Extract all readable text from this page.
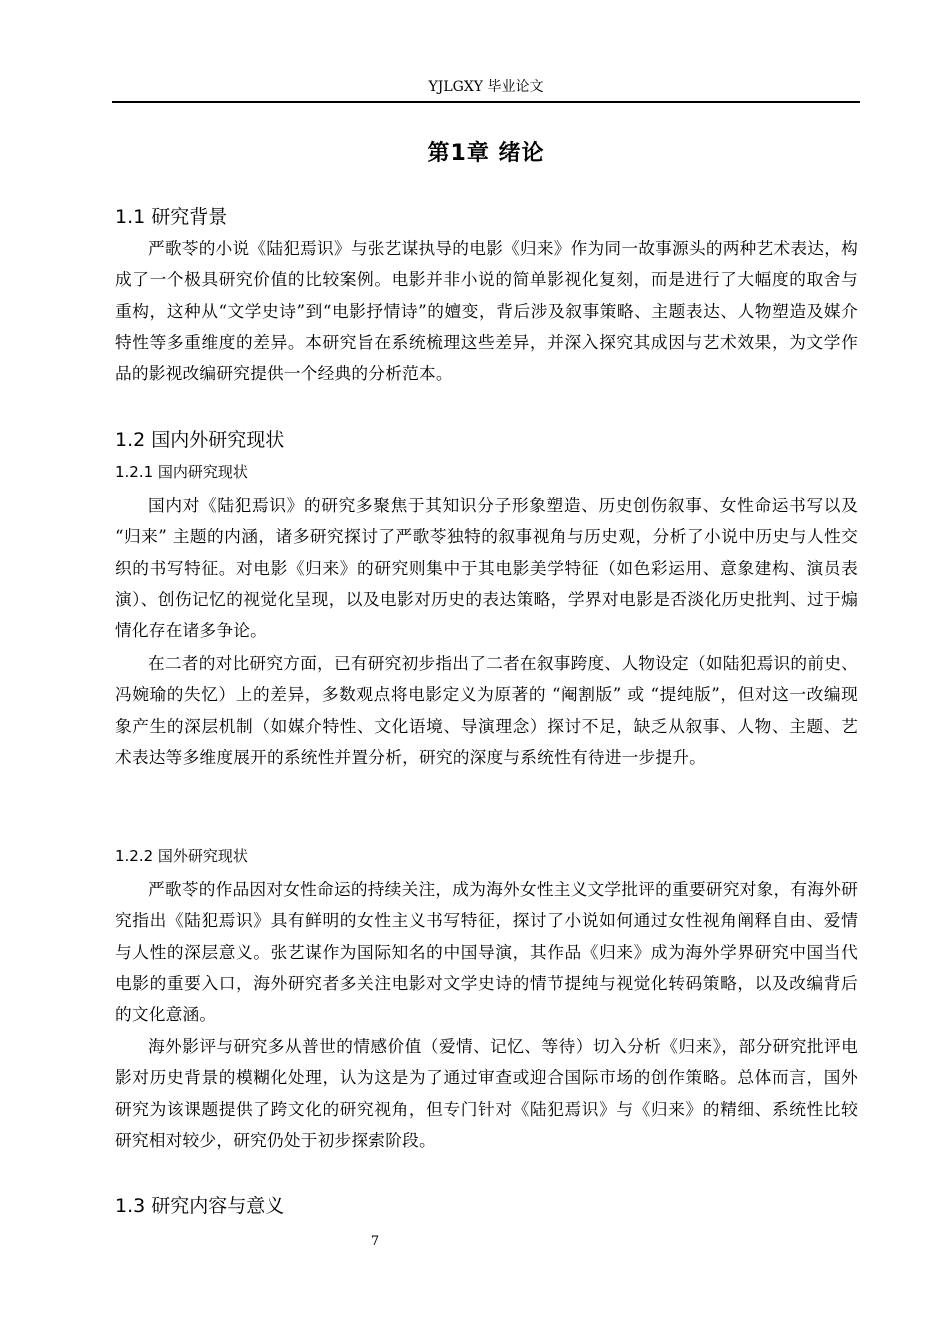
YJLGXY 毕业论文
第1章 绪论
1.1 研究背景

严歌苓的小说《陆犯焉识》与张艺谋执导的电影《归来》作为同一故事源头的两种艺术表达，构成了一个极具研究价值的比较案例。电影并非小说的简单影视化复刻，而是进行了大幅度的取舍与重构，这种从“文学史诗”到“电影抒情诗”的嬗变，背后涉及叙事策略、主题表达、人物塑造及媒介特性等多重维度的差异。本研究旨在系统梳理这些差异，并深入探究其成因与艺术效果，为文学作品的影视改编研究提供一个经典的分析范本。

1.2 国内外研究现状
1.2.1 国内研究现状

国内对《陆犯焉识》的研究多聚焦于其知识分子形象塑造、历史创伤叙事、女性命运书写以及 “归来” 主题的内涵，诸多研究探讨了严歌苓独特的叙事视角与历史观，分析了小说中历史与人性交织的书写特征。对电影《归来》的研究则集中于其电影美学特征（如色彩运用、意象建构、演员表演）、创伤记忆的视觉化呈现，以及电影对历史的表达策略，学界对电影是否淡化历史批判、过于煽情化存在诸多争论。

在二者的对比研究方面，已有研究初步指出了二者在叙事跨度、人物设定（如陆犯焉识的前史、冯婉瑜的失忆）上的差异，多数观点将电影定义为原著的 “阉割版” 或 “提纯版”，但对这一改编现象产生的深层机制（如媒介特性、文化语境、导演理念）探讨不足，缺乏从叙事、人物、主题、艺术表达等多维度展开的系统性并置分析，研究的深度与系统性有待进一步提升。

1.2.2 国外研究现状

严歌苓的作品因对女性命运的持续关注，成为海外女性主义文学批评的重要研究对象，有海外研究指出《陆犯焉识》具有鲜明的女性主义书写特征，探讨了小说如何通过女性视角阐释自由、爱情与人性的深层意义。张艺谋作为国际知名的中国导演，其作品《归来》成为海外学界研究中国当代电影的重要入口，海外研究者多关注电影对文学史诗的情节提纯与视觉化转码策略，以及改编背后的文化意涵。

海外影评与研究多从普世的情感价值（爱情、记忆、等待）切入分析《归来》，部分研究批评电影对历史背景的模糊化处理，认为这是为了通过审查或迎合国际市场的创作策略。总体而言，国外研究为该课题提供了跨文化的研究视角，但专门针对《陆犯焉识》与《归来》的精细、系统性比较研究相对较少，研究仍处于初步探索阶段。

1.3 研究内容与意义
7
